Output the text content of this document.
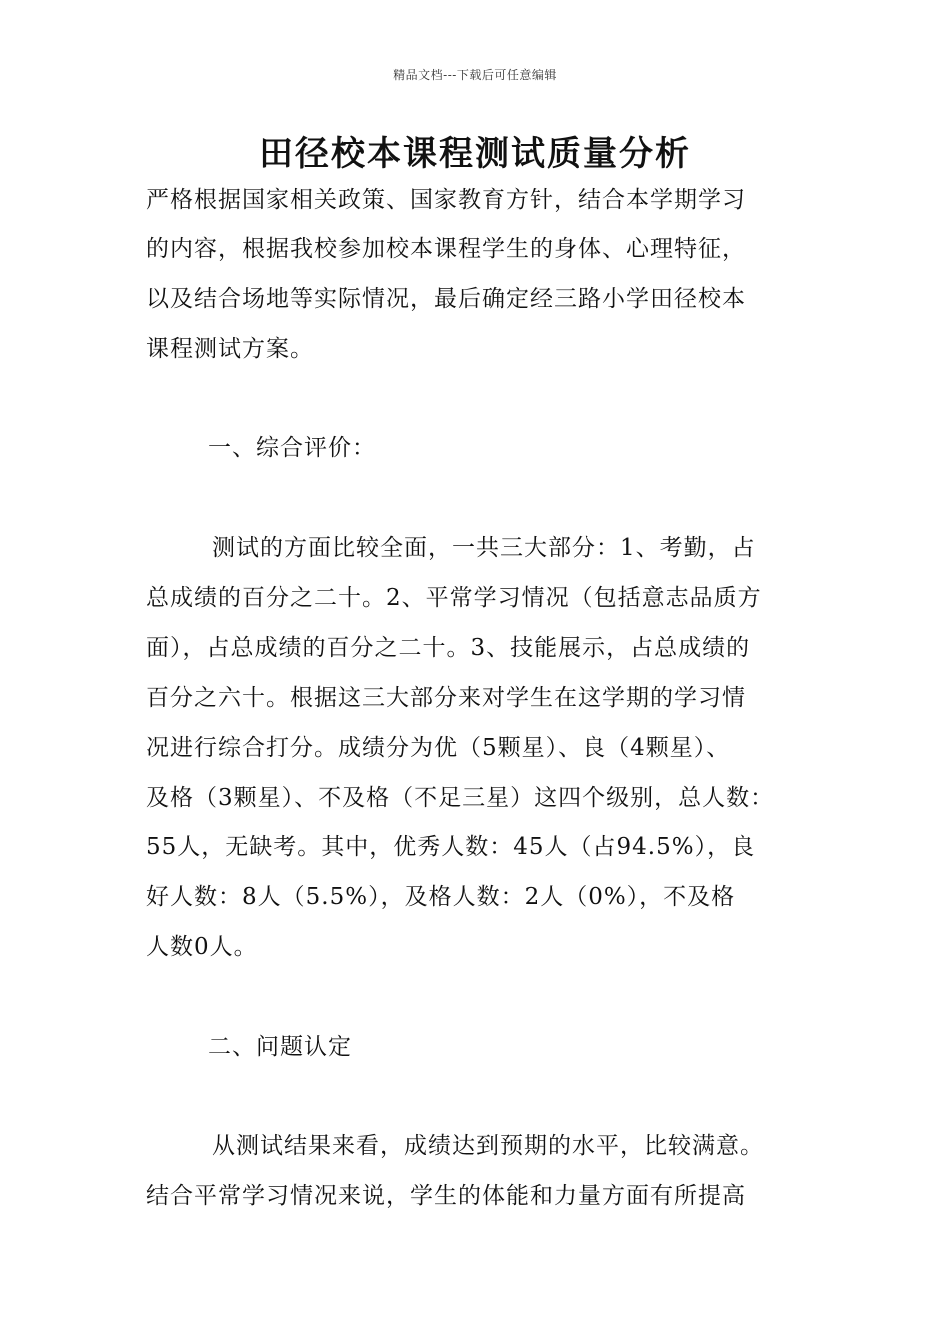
精品文档---下载后可任意编辑
田径校本课程测试质量分析
严格根据国家相关政策、国家教育方针，结合本学期学习
的内容，根据我校参加校本课程学生的身体、心理特征，
以及结合场地等实际情况，最后确定经三路小学田径校本
课程测试方案。
一、综合评价：
测试的方面比较全面，一共三大部分：1、考勤，占
总成绩的百分之二十。2、平常学习情况（包括意志品质方
面），占总成绩的百分之二十。3、技能展示，占总成绩的
百分之六十。根据这三大部分来对学生在这学期的学习情
况进行综合打分。成绩分为优（5颗星）、良（4颗星）、
及格（3颗星）、不及格（不足三星）这四个级别，总人数：
55人，无缺考。其中，优秀人数：45人（占94.5%），良
好人数：8人（5.5%），及格人数：2人（0%），不及格
人数0人。
二、问题认定
从测试结果来看，成绩达到预期的水平，比较满意。
结合平常学习情况来说，学生的体能和力量方面有所提高
